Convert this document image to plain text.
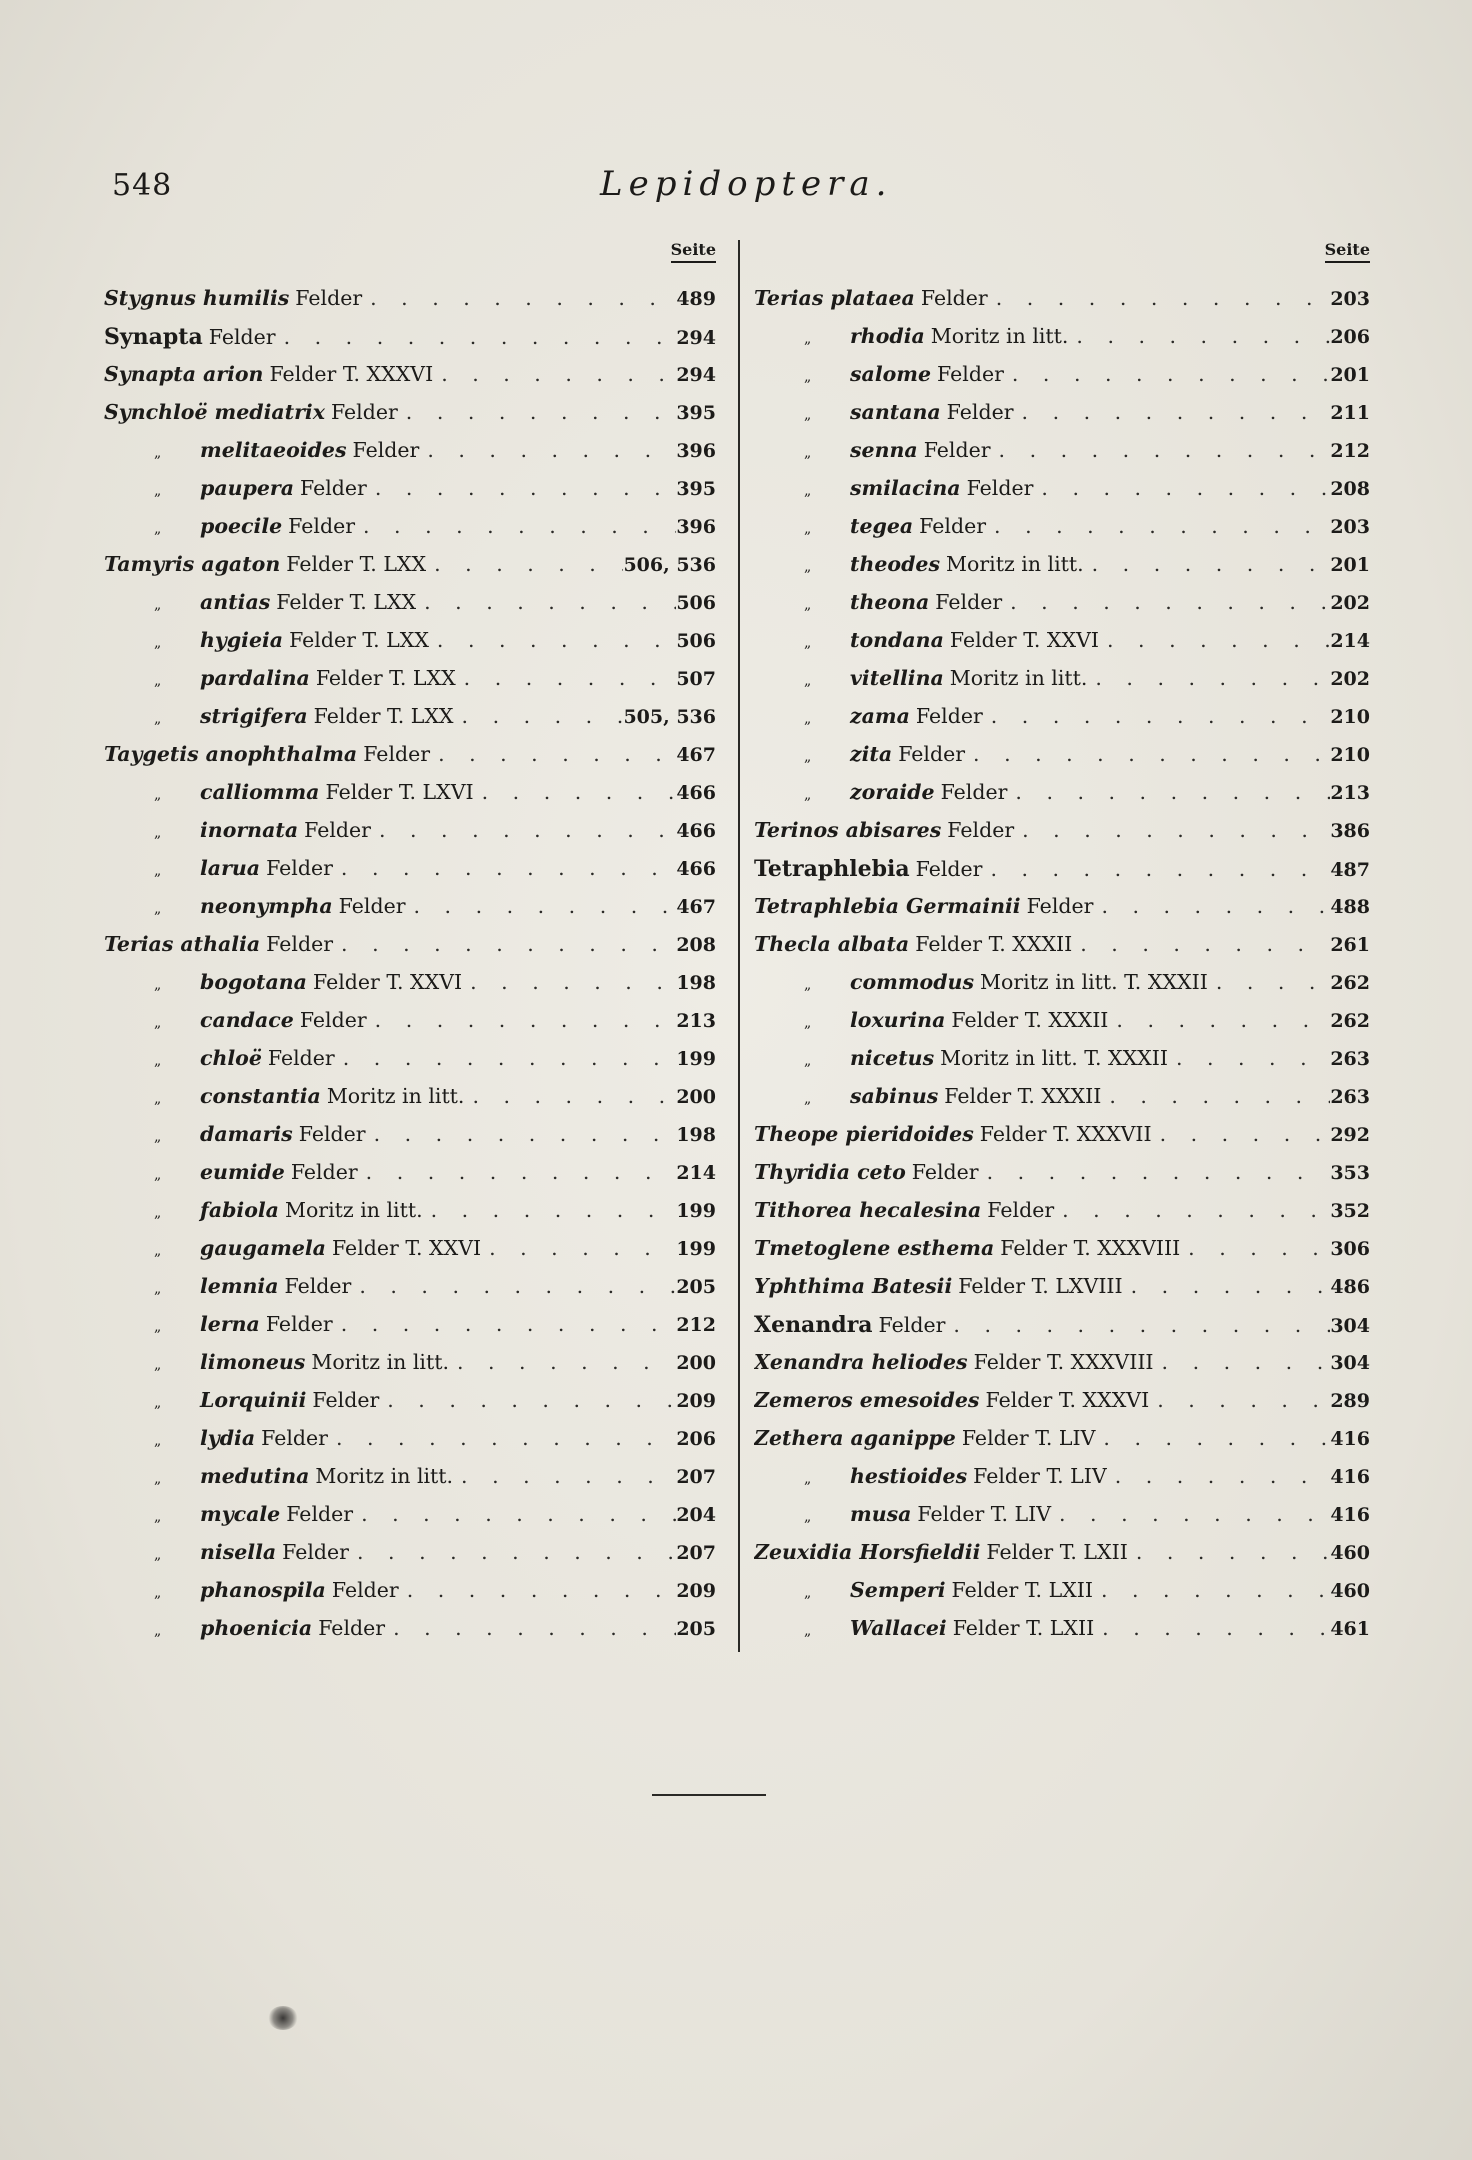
548	Lepidoptera.
Seite
Stygnus humilis Felder . . .	489
Synapta Felder . . .	294
Synapta arion Felder T. XXXVI . . .	294
Synchloë mediatrix Felder . . .	395
„	melitaeoides Felder . . .	396
„	paupera Felder . . .	395
„	poecile Felder . . .	396
Tamyris agaton Felder T. LXX . . .	506, 536
„	antias Felder T. LXX . . .	506
„	hygieia Felder T. LXX . . .	506
„	pardalina Felder T. LXX . . .	507
„	strigifera Felder T. LXX . . .	505, 536
Taygetis anophthalma Felder . . .	467
„	calliomma Felder T. LXVI . . .	466
„	inornata Felder . . .	466
„	larua Felder . . .	466
„	neonympha Felder . . .	467
Terias athalia Felder . . .	208
„	bogotana Felder T. XXVI . . .	198
„	candace Felder . . .	213
„	chloë Felder . . .	199
„	constantia Moritz in litt. . . .	200
„	damaris Felder . . .	198
„	eumide Felder . . .	214
„	fabiola Moritz in litt. . . .	199
„	gaugamela Felder T. XXVI . . .	199
„	lemnia Felder . . .	205
„	lerna Felder . . .	212
„	limoneus Moritz in litt. . . .	200
„	Lorquinii Felder . . .	209
„	lydia Felder . . .	206
„	medutina Moritz in litt. . . .	207
„	mycale Felder . . .	204
„	nisella Felder . . .	207
„	phanospila Felder . . .	209
„	phoenicia Felder . . .	205
Seite
Terias plataea Felder . . .	203
„	rhodia Moritz in litt. . . .	206
„	salome Felder . . .	201
„	santana Felder . . .	211
„	senna Felder . . .	212
„	smilacina Felder . . .	208
„	tegea Felder . . .	203
„	theodes Moritz in litt. . . .	201
„	theona Felder . . .	202
„	tondana Felder T. XXVI . . .	214
„	vitellina Moritz in litt. . . .	202
„	zama Felder . . .	210
„	zita Felder . . .	210
„	zoraide Felder . . .	213
Terinos abisares Felder . . .	386
Tetraphlebia Felder . . .	487
Tetraphlebia Germainii Felder . . .	488
Thecla albata Felder T. XXXII . . .	261
„	commodus Moritz in litt. T. XXXII . . .	262
„	loxurina Felder T. XXXII . . .	262
„	nicetus Moritz in litt. T. XXXII . . .	263
„	sabinus Felder T. XXXII . . .	263
Theope pieridoides Felder T. XXXVII . . .	292
Thyridia ceto Felder . . .	353
Tithorea hecalesina Felder . . .	352
Tmetoglene esthema Felder T. XXXVIII . . .	306
Yphthima Batesii Felder T. LXVIII . . .	486
Xenandra Felder . . .	304
Xenandra heliodes Felder T. XXXVIII . . .	304
Zemeros emesoides Felder T. XXXVI . . .	289
Zethera aganippe Felder T. LIV . . .	416
„	hestioides Felder T. LIV . . .	416
„	musa Felder T. LIV . . .	416
Zeuxidia Horsfieldii Felder T. LXII . . .	460
„	Semperi Felder T. LXII . . .	460
„	Wallacei Felder T. LXII . . .	461
